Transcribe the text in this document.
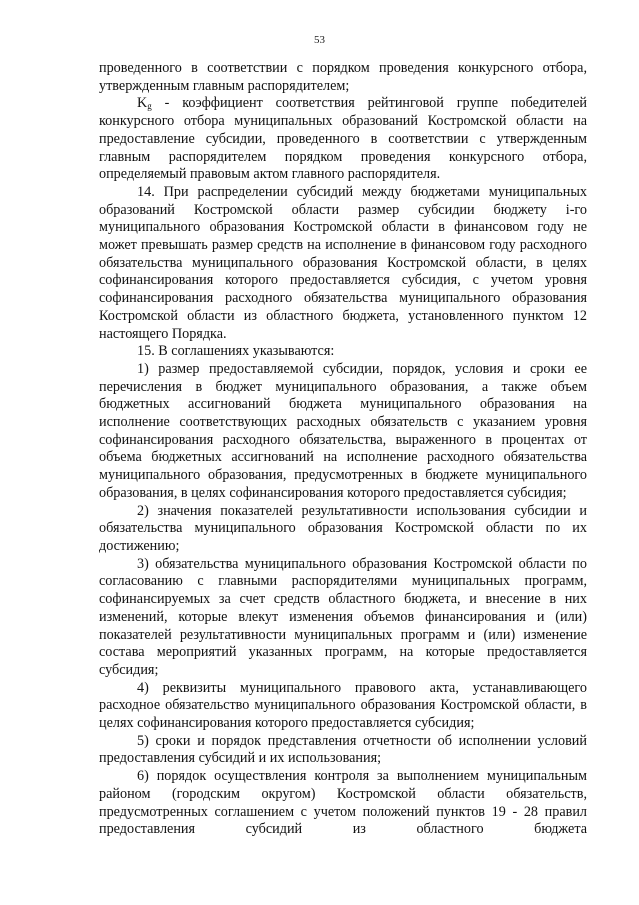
53

проведенного в соответствии с порядком проведения конкурсного отбора, утвержденным главным распорядителем;

$K_g$ - коэффициент соответствия рейтинговой группе победителей конкурсного отбора муниципальных образований Костромской области на предоставление субсидии, проведенного в соответствии с утвержденным главным распорядителем порядком проведения конкурсного отбора, определяемый правовым актом главного распорядителя.

14. При распределении субсидий между бюджетами муниципальных образований Костромской области размер субсидии бюджету i-го муниципального образования Костромской области в финансовом году не может превышать размер средств на исполнение в финансовом году расходного обязательства муниципального образования Костромской области, в целях софинансирования которого предоставляется субсидия, с учетом уровня софинансирования расходного обязательства муниципального образования Костромской области из областного бюджета, установленного пунктом 12 настоящего Порядка.

15. В соглашениях указываются:

1) размер предоставляемой субсидии, порядок, условия и сроки ее перечисления в бюджет муниципального образования, а также объем бюджетных ассигнований бюджета муниципального образования на исполнение соответствующих расходных обязательств с указанием уровня софинансирования расходного обязательства, выраженного в процентах от объема бюджетных ассигнований на исполнение расходного обязательства муниципального образования, предусмотренных в бюджете муниципального образования, в целях софинансирования которого предоставляется субсидия;

2) значения показателей результативности использования субсидии и обязательства муниципального образования Костромской области по их достижению;

3) обязательства муниципального образования Костромской области по согласованию с главными распорядителями муниципальных программ, софинансируемых за счет средств областного бюджета, и внесение в них изменений, которые влекут изменения объемов финансирования и (или) показателей результативности муниципальных программ и (или) изменение состава мероприятий указанных программ, на которые предоставляется субсидия;

4) реквизиты муниципального правового акта, устанавливающего расходное обязательство муниципального образования Костромской области, в целях софинансирования которого предоставляется субсидия;

5) сроки и порядок представления отчетности об исполнении условий предоставления субсидий и их использования;

6) порядок осуществления контроля за выполнением муниципальным районом (городским округом) Костромской области обязательств, предусмотренных соглашением с учетом положений пунктов 19 - 28 правил предоставления субсидий из областного бюджета
